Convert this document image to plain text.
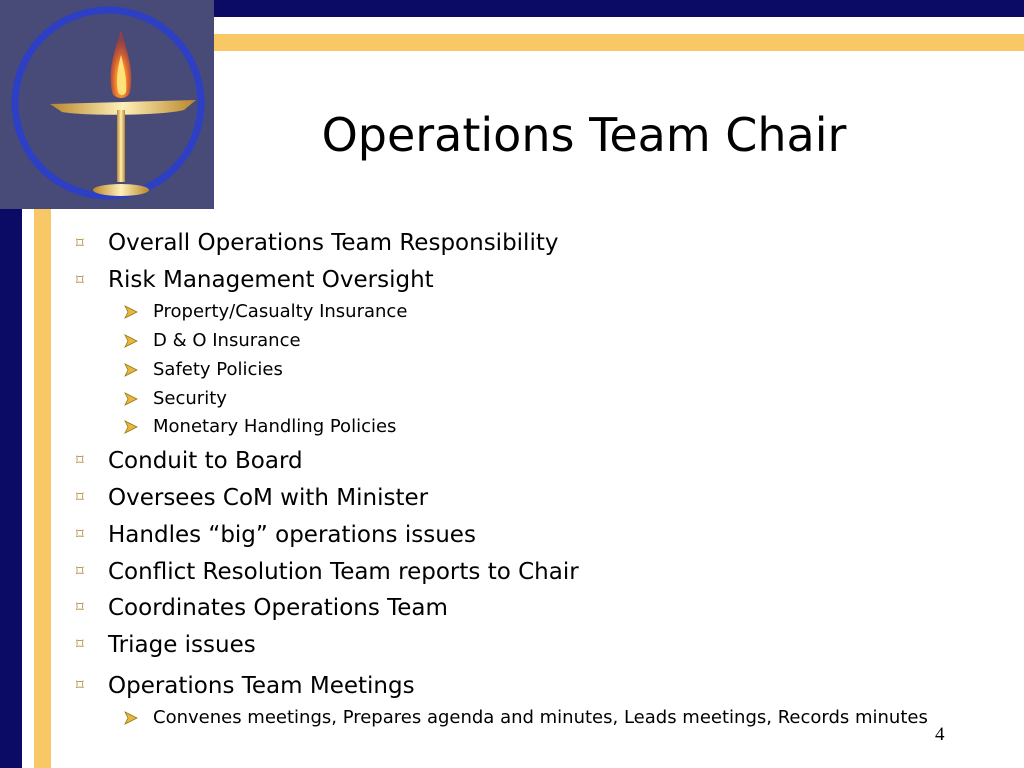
Operations Team Chair
⌑ Overall Operations Team Responsibility
⌑ Risk Management Oversight
Property/Casualty Insurance
D & O Insurance
Safety Policies
Security
Monetary Handling Policies
⌑ Conduit to Board
⌑ Oversees CoM with Minister
⌑ Handles “big” operations issues
⌑ Conflict Resolution Team reports to Chair
⌑ Coordinates Operations Team
⌑ Triage issues
⌑ Operations Team Meetings
Convenes meetings, Prepares agenda and minutes, Leads meetings, Records minutes
4
